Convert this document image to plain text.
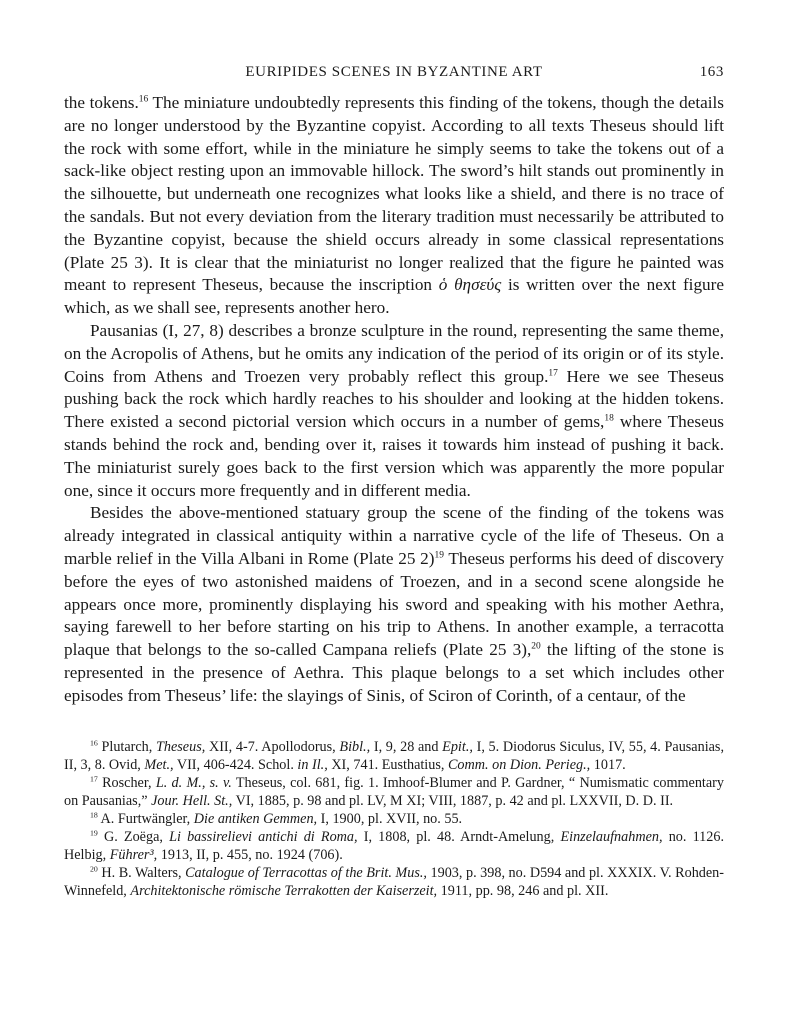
EURIPIDES SCENES IN BYZANTINE ART	163

the tokens.$^{16}$ The miniature undoubtedly represents this finding of the tokens, though the details are no longer understood by the Byzantine copyist. According to all texts Theseus should lift the rock with some effort, while in the miniature he simply seems to take the tokens out of a sack-like object resting upon an immovable hillock. The sword’s hilt stands out prominently in the silhouette, but underneath one recognizes what looks like a shield, and there is no trace of the sandals. But not every deviation from the literary tradition must necessarily be attributed to the Byzantine copyist, because the shield occurs already in some classical representations (Plate 25 3). It is clear that the miniaturist no longer realized that the figure he painted was meant to represent Theseus, because the inscription ὁ θησεύς is written over the next figure which, as we shall see, represents another hero.

Pausanias (I, 27, 8) describes a bronze sculpture in the round, representing the same theme, on the Acropolis of Athens, but he omits any indication of the period of its origin or of its style. Coins from Athens and Troezen very probably reflect this group.$^{17}$ Here we see Theseus pushing back the rock which hardly reaches to his shoulder and looking at the hidden tokens. There existed a second pictorial version which occurs in a number of gems,$^{18}$ where Theseus stands behind the rock and, bending over it, raises it towards him instead of pushing it back. The miniaturist surely goes back to the first version which was apparently the more popular one, since it occurs more frequently and in different media.

Besides the above-mentioned statuary group the scene of the finding of the tokens was already integrated in classical antiquity within a narrative cycle of the life of Theseus. On a marble relief in the Villa Albani in Rome (Plate 25 2)$^{19}$ Theseus performs his deed of discovery before the eyes of two astonished maidens of Troezen, and in a second scene alongside he appears once more, prominently displaying his sword and speaking with his mother Aethra, saying farewell to her before starting on his trip to Athens. In another example, a terracotta plaque that belongs to the so-called Campana reliefs (Plate 25 3),$^{20}$ the lifting of the stone is represented in the presence of Aethra. This plaque belongs to a set which includes other episodes from Theseus’ life: the slayings of Sinis, of Sciron of Corinth, of a centaur, of the

$^{16}$ Plutarch, Theseus, XII, 4-7. Apollodorus, Bibl., I, 9, 28 and Epit., I, 5. Diodorus Siculus, IV, 55, 4. Pausanias, II, 3, 8. Ovid, Met., VII, 406-424. Schol. in Il., XI, 741. Eusthatius, Comm. on Dion. Perieg., 1017.

$^{17}$ Roscher, L. d. M., s. v. Theseus, col. 681, fig. 1. Imhoof-Blumer and P. Gardner, “ Numismatic commentary on Pausanias,” Jour. Hell. St., VI, 1885, p. 98 and pl. LV, M XI; VIII, 1887, p. 42 and pl. LXXVII, D. D. II.

$^{18}$ A. Furtwängler, Die antiken Gemmen, I, 1900, pl. XVII, no. 55.

$^{19}$ G. Zoëga, Li bassirelievi antichi di Roma, I, 1808, pl. 48. Arndt-Amelung, Einzelaufnahmen, no. 1126. Helbig, Führer³, 1913, II, p. 455, no. 1924 (706).

$^{20}$ H. B. Walters, Catalogue of Terracottas of the Brit. Mus., 1903, p. 398, no. D594 and pl. XXXIX. V. Rohden-Winnefeld, Architektonische römische Terrakotten der Kaiserzeit, 1911, pp. 98, 246 and pl. XII.
